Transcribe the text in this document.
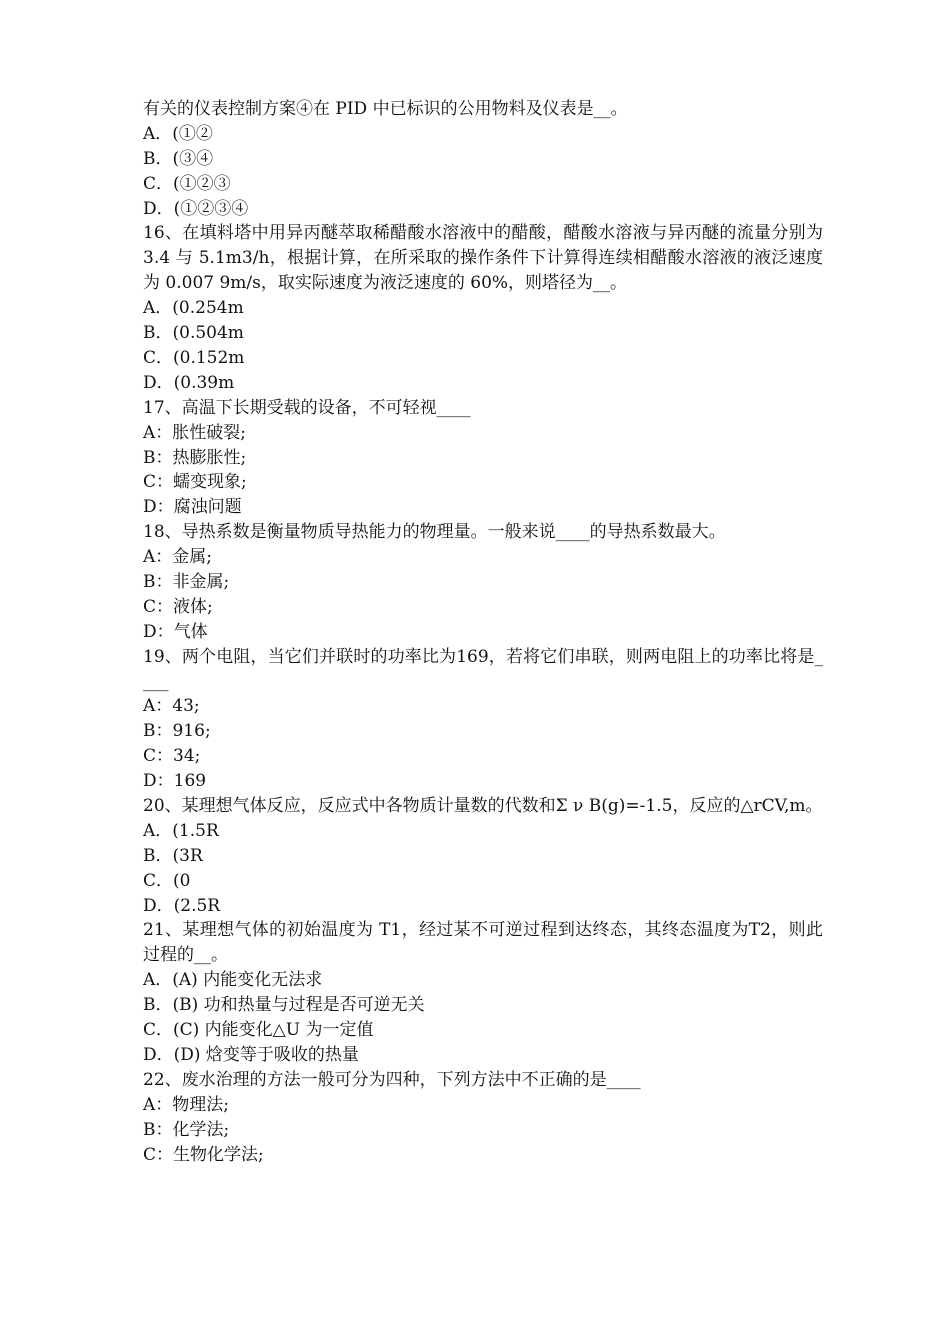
有关的仪表控制方案④在 PID 中已标识的公用物料及仪表是__。
A．(①②
B．(③④
C．(①②③
D．(①②③④
16、在填料塔中用异丙醚萃取稀醋酸水溶液中的醋酸，醋酸水溶液与异丙醚的流量分别为 3.4 与 5.1m3/h，根据计算，在所采取的操作条件下计算得连续相醋酸水溶液的液泛速度为 0.007 9m/s，取实际速度为液泛速度的 60%，则塔径为__。
A．(0.254m
B．(0.504m
C．(0.152m
D．(0.39m
17、高温下长期受载的设备，不可轻视____
A：胀性破裂;
B：热膨胀性;
C：蠕变现象;
D：腐浊问题
18、导热系数是衡量物质导热能力的物理量。一般来说____的导热系数最大。
A：金属;
B：非金属;
C：液体;
D：气体
19、两个电阻，当它们并联时的功率比为169，若将它们串联，则两电阻上的功率比将是____
A：43;
B：916;
C：34;
D：169
20、某理想气体反应，反应式中各物质计量数的代数和Σ ν B(g)=-1.5，反应的△rCV,m。
A．(1.5R
B．(3R
C．(0
D．(2.5R
21、某理想气体的初始温度为 T1，经过某不可逆过程到达终态，其终态温度为T2，则此过程的__。
A．(A) 内能变化无法求
B．(B) 功和热量与过程是否可逆无关
C．(C) 内能变化△U 为一定值
D．(D) 焓变等于吸收的热量
22、废水治理的方法一般可分为四种，下列方法中不正确的是____
A：物理法;
B：化学法;
C：生物化学法;
